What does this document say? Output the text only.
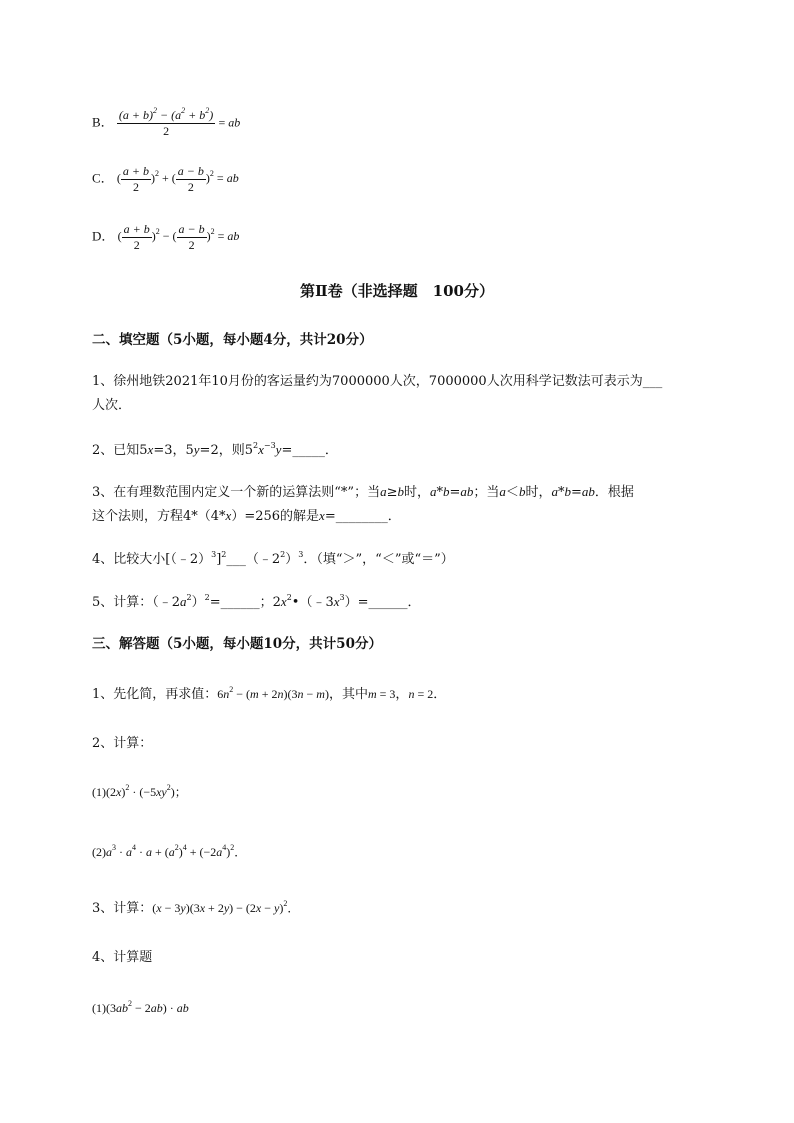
B． $\frac{(a + b)^2 - (a^2 + b^2)}{2}$ = ab
C． ( $\frac{a + b}{2} )^2$ + ( $\frac{a - b}{2} )^2$ = ab
D． ( $\frac{a + b}{2} )^2$ − ( $\frac{a - b}{2} )^2$ = ab
第Ⅱ卷（非选择题　100分）
二、填空题（5小题，每小题4分，共计20分）
1、徐州地铁2021年10月份的客运量约为7000000人次，7000000人次用科学记数法可表示为___
人次．
2、已知5x=3，5y=2，则$5^2x^{-3}y=\_\_\_\_\_$．
3、在有理数范围内定义一个新的运算法则“*”；当a≥b时，a*b=ab；当a＜b时，a*b=ab．根据
这个法则，方程4*（4*x）=256的解是x=________．
4、比较大小$[(﹣2)^3]^2\_\_\_(﹣2^2)^3$．（填“＞”，“＜”或“＝”）
5、计算：$(﹣2a^2)^2=\_\_\_\_\_\_$；$2x^2•(﹣3x^3)=\_\_\_\_\_\_$．
三、解答题（5小题，每小题10分，共计50分）
1、先化简，再求值：$6n^2 - (m + 2n)(3n - m)$，其中m = 3，n = 2．
2、计算：
$(1)(2x)^2 \cdot (-5xy^2)$；
$(2)a^3 \cdot a^4 \cdot a + (a^2)^4 + (-2a^4)^2$．
3、计算：$(x - 3y)(3x + 2y) - (2x - y)^2$．
4、计算题
$(1)(3ab^2 - 2ab)$ · ab
